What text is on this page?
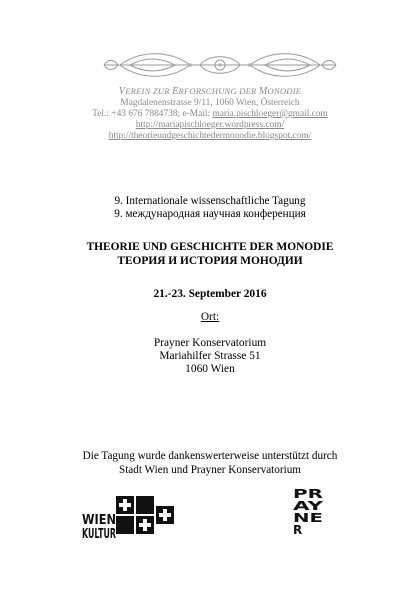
VEREIN ZUR ERFORSCHUNG DER MONODIE
Magdalenenstrasse 9/11, 1060 Wien, Österreich
Tel.: +43 676 7884738; e-Mail: maria.pischloeger@gmail.com
http://mariapischloeger.wordpress.com/
http://theorieundgeschichtedermonodie.blogspot.com/
9. Internationale wissenschaftliche Tagung
9. международная научная конференция
THEORIE UND GESCHICHTE DER MONODIE
ТЕОРИЯ И ИСТОРИЯ МОНОДИИ
21.-23. September 2016
Ort:
Prayner Konservatorium
Mariahilfer Strasse 51
1060 Wien
Die Tagung wurde dankenswerterweise unterstützt durch
Stadt Wien und Prayner Konservatorium
WIEN
KULTUR
PR
AY
NE
R
